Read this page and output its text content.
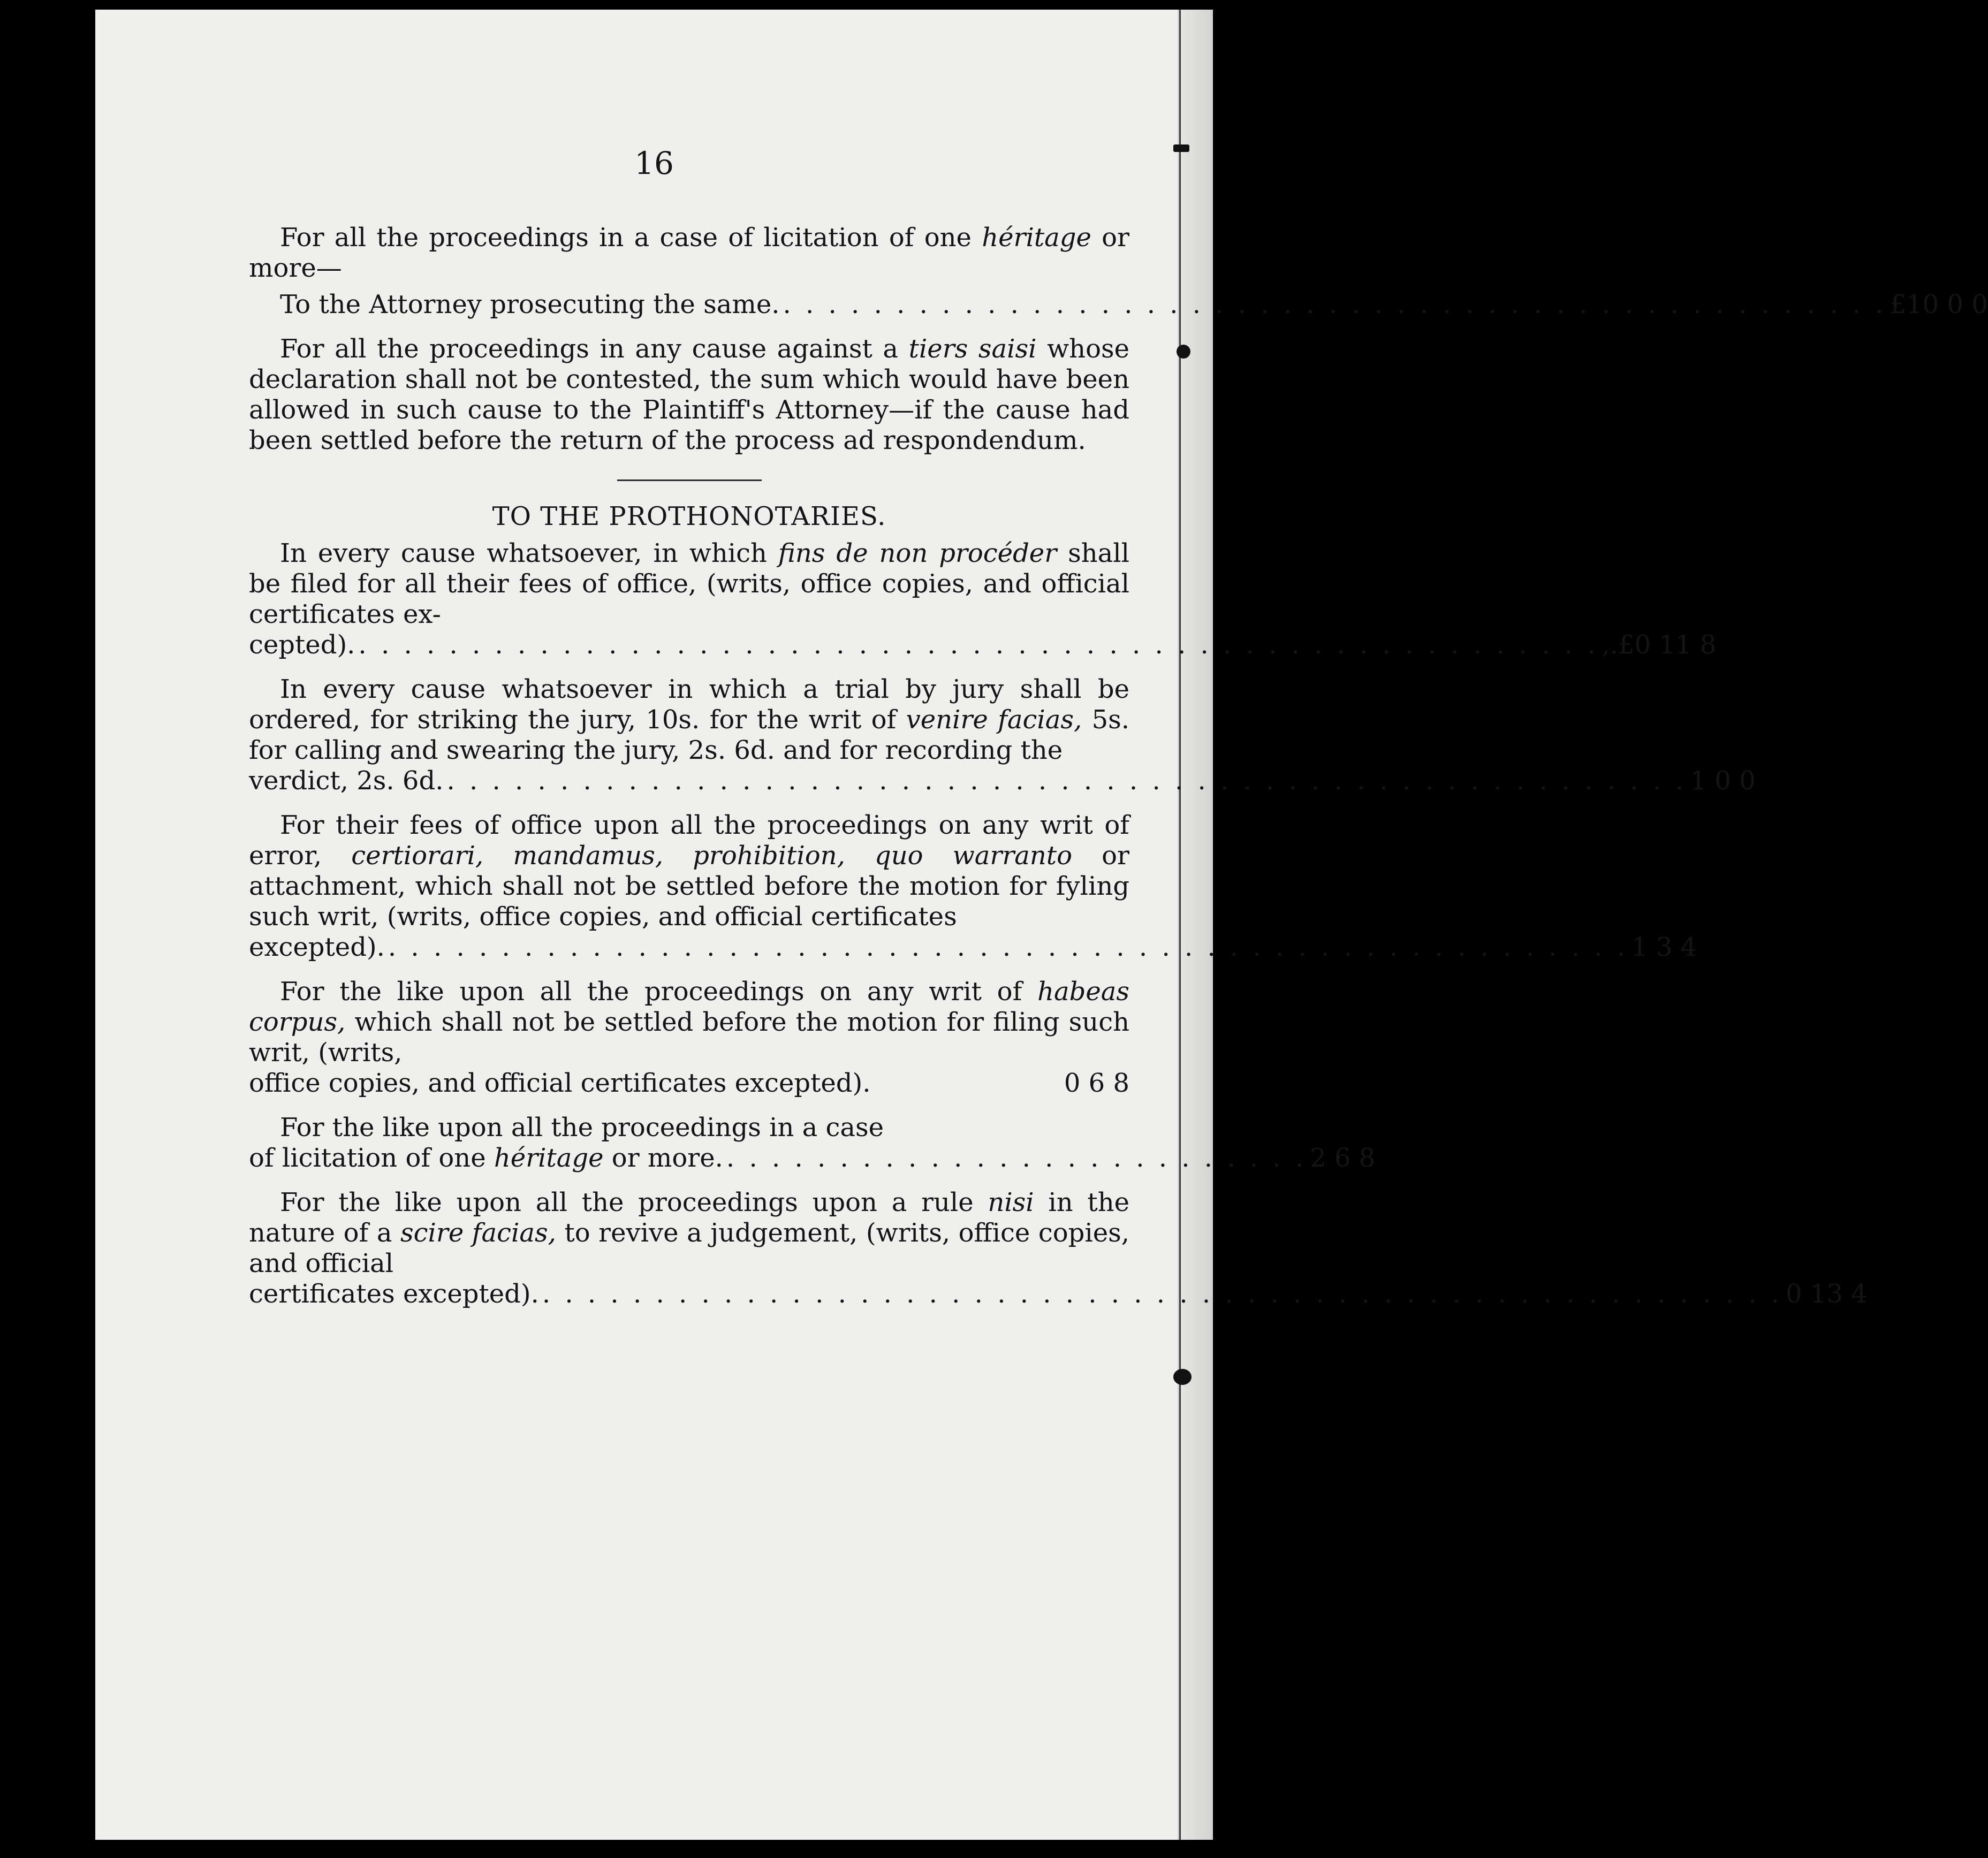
16

For all the proceedings in a case of licitation of one héritage or more—

To the Attorney prosecuting the same. . . . . . . . . . . . . . . . . . . . . . . . . . . . . . . . . . . . . . . . . . . . . . . . . . £10 0 0

For all the proceedings in any cause against a tiers saisi whose declaration shall not be contested, the sum which would have been allowed in such cause to the Plaintiff's Attorney—if the cause had been settled before the return of the process ad respondendum.

TO THE PROTHONOTARIES.

In every cause whatsoever, in which fins de non procéder shall be filed for all their fees of office, (writs, office copies, and official certificates ex-

cepted). . . . . . . . . . . . . . . . . . . . . . . . . . . . . . . . . . . . . . . . . . . . . . . . . . . . . . . . ,.£0 11 8

In every cause whatsoever in which a trial by jury shall be ordered, for striking the jury, 10s. for the writ of venire facias, 5s. for calling and swearing the jury, 2s. 6d. and for recording the

verdict, 2s. 6d. . . . . . . . . . . . . . . . . . . . . . . . . . . . . . . . . . . . . . . . . . . . . . . . . . . . . . . . 1 0 0

For their fees of office upon all the proceedings on any writ of error, certiorari, mandamus, prohibition, quo warranto or attachment, which shall not be settled before the motion for fyling such writ, (writs, office copies, and official certificates

excepted). . . . . . . . . . . . . . . . . . . . . . . . . . . . . . . . . . . . . . . . . . . . . . . . . . . . . . . . 1 3 4

For the like upon all the proceedings on any writ of habeas corpus, which shall not be settled before the motion for filing such writ, (writs,

office copies, and official certificates excepted).	0 6 8

For the like upon all the proceedings in a case

of licitation of one héritage or more. . . . . . . . . . . . . . . . . . . . . . . . . . . 2 6 8

For the like upon all the proceedings upon a rule nisi in the nature of a scire facias, to revive a judgement, (writs, office copies, and official

certificates excepted). . . . . . . . . . . . . . . . . . . . . . . . . . . . . . . . . . . . . . . . . . . . . . . . . . . . . . . . 0 13 4
